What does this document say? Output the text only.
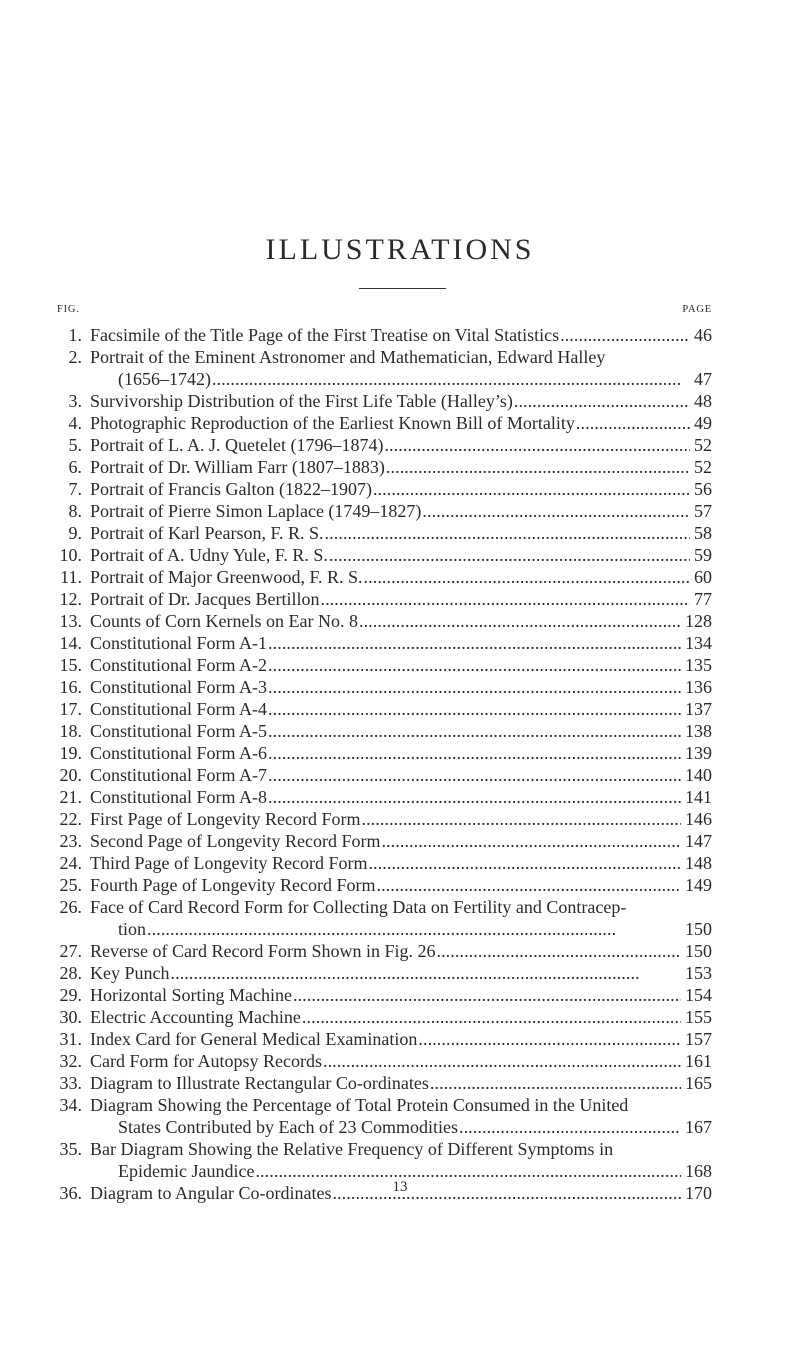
ILLUSTRATIONS
FIG.	PAGE
1. Facsimile of the Title Page of the First Treatise on Vital Statistics . . .	46
2. Portrait of the Eminent Astronomer and Mathematician, Edward Halley
(1656–1742) . . .	47
3. Survivorship Distribution of the First Life Table (Halley’s) . . .	48
4. Photographic Reproduction of the Earliest Known Bill of Mortality . . .	49
5. Portrait of L. A. J. Quetelet (1796–1874) . . .	52
6. Portrait of Dr. William Farr (1807–1883) . . .	52
7. Portrait of Francis Galton (1822–1907) . . .	56
8. Portrait of Pierre Simon Laplace (1749–1827) . . .	57
9. Portrait of Karl Pearson, F. R. S. . . .	58
10. Portrait of A. Udny Yule, F. R. S. . . .	59
11. Portrait of Major Greenwood, F. R. S. . . .	60
12. Portrait of Dr. Jacques Bertillon . . .	77
13. Counts of Corn Kernels on Ear No. 8 . . .	128
14. Constitutional Form A-1 . . .	134
15. Constitutional Form A-2 . . .	135
16. Constitutional Form A-3 . . .	136
17. Constitutional Form A-4 . . .	137
18. Constitutional Form A-5 . . .	138
19. Constitutional Form A-6 . . .	139
20. Constitutional Form A-7 . . .	140
21. Constitutional Form A-8 . . .	141
22. First Page of Longevity Record Form . . .	146
23. Second Page of Longevity Record Form . . .	147
24. Third Page of Longevity Record Form . . .	148
25. Fourth Page of Longevity Record Form . . .	149
26. Face of Card Record Form for Collecting Data on Fertility and Contracep-
tion . . .	150
27. Reverse of Card Record Form Shown in Fig. 26 . . .	150
28. Key Punch . . .	153
29. Horizontal Sorting Machine . . .	154
30. Electric Accounting Machine . . .	155
31. Index Card for General Medical Examination . . .	157
32. Card Form for Autopsy Records . . .	161
33. Diagram to Illustrate Rectangular Co-ordinates . . .	165
34. Diagram Showing the Percentage of Total Protein Consumed in the United
States Contributed by Each of 23 Commodities . . .	167
35. Bar Diagram Showing the Relative Frequency of Different Symptoms in
Epidemic Jaundice . . .	168
36. Diagram to Angular Co-ordinates . . .	170
13
